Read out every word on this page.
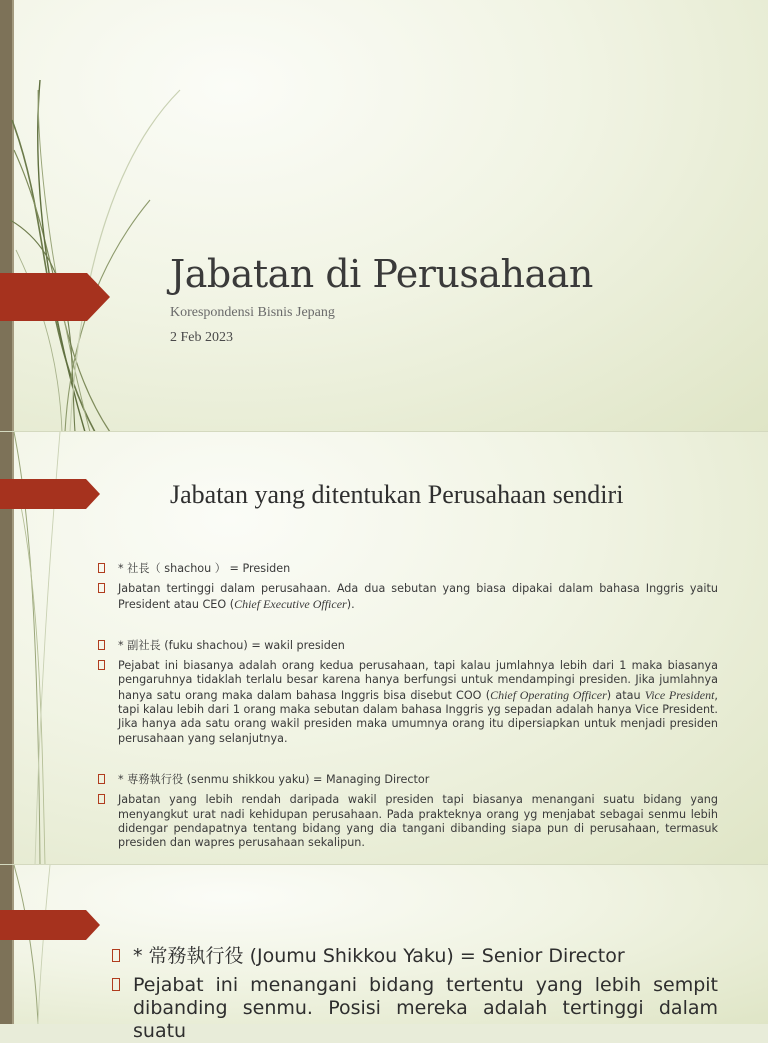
Jabatan di Perusahaan
Korespondensi Bisnis Jepang
2 Feb 2023
Jabatan yang ditentukan Perusahaan sendiri
* 社長（ shachou ） = Presiden
Jabatan tertinggi dalam perusahaan. Ada dua sebutan yang biasa dipakai dalam bahasa Inggris yaitu President atau CEO (Chief Executive Officer).
* 副社長 (fuku shachou) = wakil presiden
Pejabat ini biasanya adalah orang kedua perusahaan, tapi kalau jumlahnya lebih dari 1 maka biasanya pengaruhnya tidaklah terlalu besar karena hanya berfungsi untuk mendampingi presiden. Jika jumlahnya hanya satu orang maka dalam bahasa Inggris bisa disebut COO (Chief Operating Officer) atau Vice President, tapi kalau lebih dari 1 orang maka sebutan dalam bahasa Inggris yg sepadan adalah hanya Vice President. Jika hanya ada satu orang wakil presiden maka umumnya orang itu dipersiapkan untuk menjadi presiden perusahaan yang selanjutnya.
* 専務執行役 (senmu shikkou yaku) = Managing Director
Jabatan yang lebih rendah daripada wakil presiden tapi biasanya menangani suatu bidang yang menyangkut urat nadi kehidupan perusahaan. Pada prakteknya orang yg menjabat sebagai senmu lebih didengar pendapatnya tentang bidang yang dia tangani dibanding siapa pun di perusahaan, termasuk presiden dan wapres perusahaan sekalipun.
* 常務執行役 (Joumu Shikkou Yaku) = Senior Director
Pejabat ini menangani bidang tertentu yang lebih sempit dibanding senmu. Posisi mereka adalah tertinggi dalam suatu
